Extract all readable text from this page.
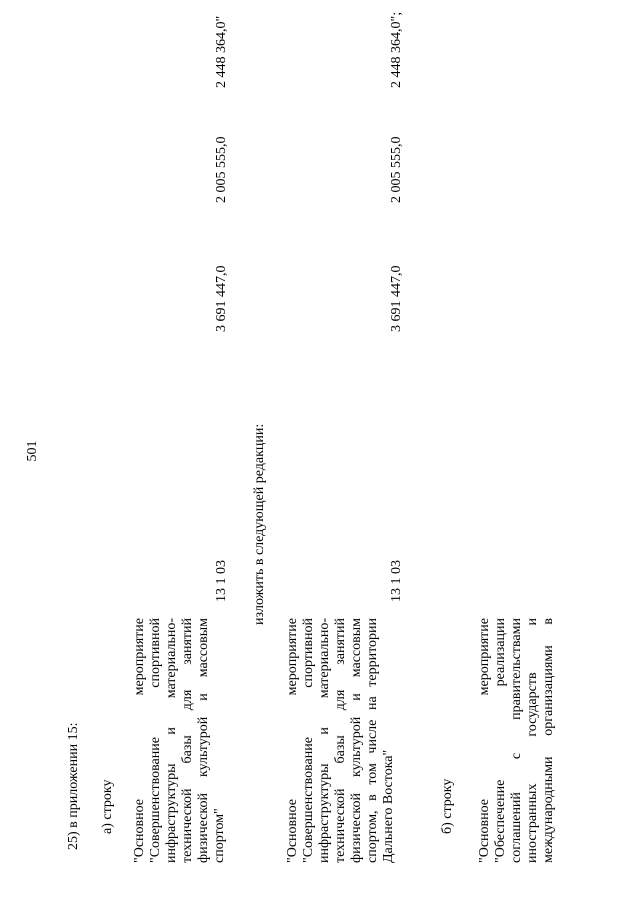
501
25) в приложении 15: а) строку "Основное мероприятие "Совершенствование спортивной инфраструктуры и материально- технической базы для занятий физической культурой и массовым спортом"
13 1 03
3 691 447,0
2 005 555,0
2 448 364,0"
изложить в следующей редакции:
"Основное мероприятие "Совершенствование спортивной инфраструктуры и материально- технической базы для занятий физической культурой и массовым спортом, в том числе на территории Дальнего Востока"
13 1 03
3 691 447,0
2 005 555,0
2 448 364,0";
б) строку "Основное мероприятие "Обеспечение реализации соглашений с правительствами иностранных государств и международными организациями в
